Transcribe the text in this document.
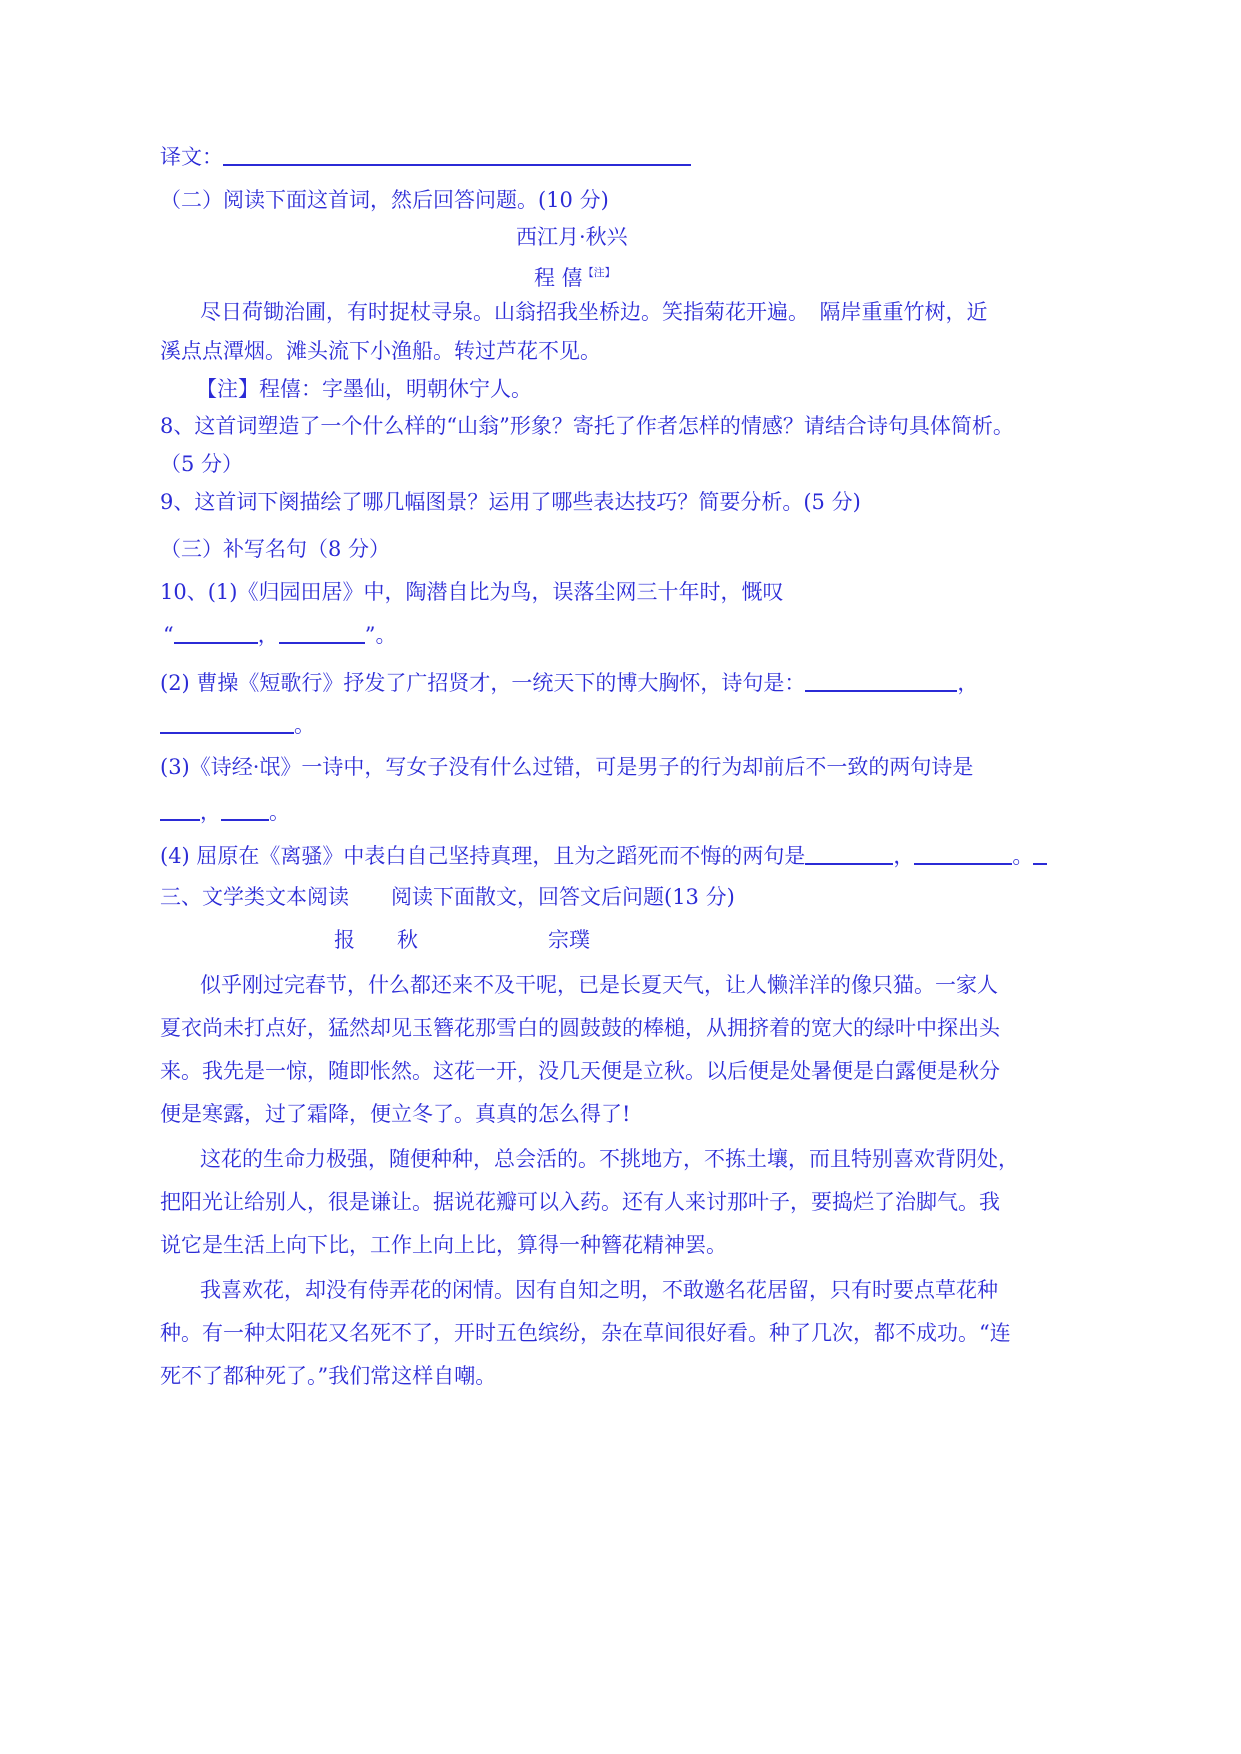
译文：
（二）阅读下面这首词，然后回答问题。(10 分)
西江月·秋兴
程 僖$^{【注】}$
尽日荷锄治圃，有时捉杖寻泉。山翁招我坐桥边。笑指菊花开遍。　隔岸重重竹树，近
溪点点潭烟。滩头流下小渔船。转过芦花不见。
【注】程僖：字墨仙，明朝休宁人。
8、这首词塑造了一个什么样的“山翁”形象？寄托了作者怎样的情感？请结合诗句具体简析。
（5 分）
9、这首词下阕描绘了哪几幅图景？运用了哪些表达技巧？简要分析。(5 分)
（三）补写名句（8 分）
10、(1)《归园田居》中，陶潜自比为鸟，误落尘网三十年时，慨叹
“	，	”。
(2) 曹操《短歌行》抒发了广招贤才，一统天下的博大胸怀，诗句是：	，
。
(3)《诗经·氓》一诗中，写女子没有什么过错，可是男子的行为却前后不一致的两句诗是
， 。
(4) 屈原在《离骚》中表白自己坚持真理，且为之蹈死而不悔的两句是	，	。
三、文学类文本阅读　　阅读下面散文，回答文后问题(13 分)
报　　秋	宗璞
似乎刚过完春节，什么都还来不及干呢，已是长夏天气，让人懒洋洋的像只猫。一家人
夏衣尚未打点好，猛然却见玉簪花那雪白的圆鼓鼓的棒槌，从拥挤着的宽大的绿叶中探出头
来。我先是一惊，随即怅然。这花一开，没几天便是立秋。以后便是处暑便是白露便是秋分
便是寒露，过了霜降，便立冬了。真真的怎么得了!
这花的生命力极强，随便种种，总会活的。不挑地方，不拣土壤，而且特别喜欢背阴处，
把阳光让给别人，很是谦让。据说花瓣可以入药。还有人来讨那叶子，要捣烂了治脚气。我
说它是生活上向下比，工作上向上比，算得一种簪花精神罢。
我喜欢花，却没有侍弄花的闲情。因有自知之明，不敢邀名花居留，只有时要点草花种
种。有一种太阳花又名死不了，开时五色缤纷，杂在草间很好看。种了几次，都不成功。“连
死不了都种死了。”我们常这样自嘲。
